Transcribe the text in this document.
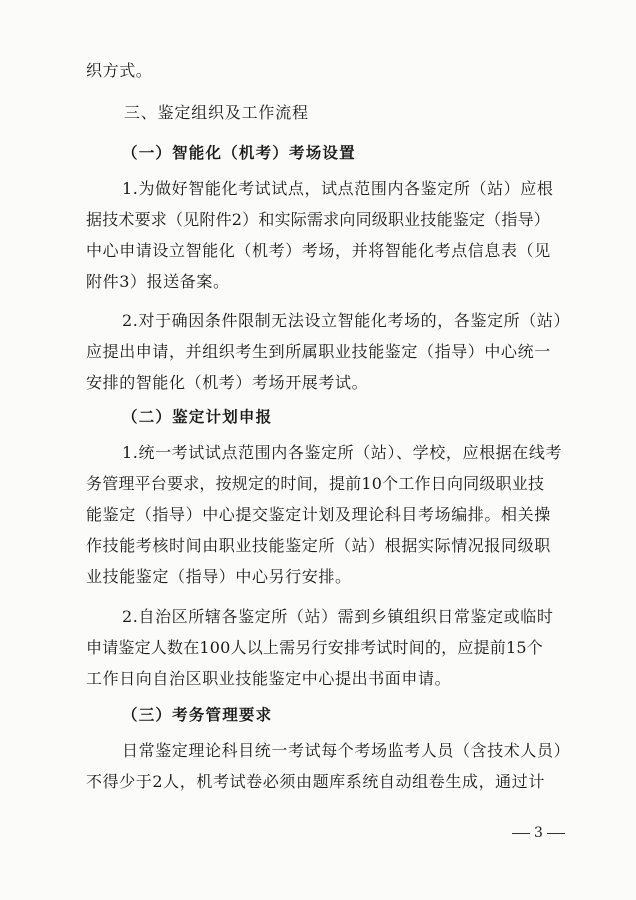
织方式。
三、鉴定组织及工作流程
（一）智能化（机考）考场设置
1.为做好智能化考试试点，试点范围内各鉴定所（站）应根
据技术要求（见附件2）和实际需求向同级职业技能鉴定（指导）
中心申请设立智能化（机考）考场，并将智能化考点信息表（见
附件3）报送备案。
2.对于确因条件限制无法设立智能化考场的，各鉴定所（站）
应提出申请，并组织考生到所属职业技能鉴定（指导）中心统一
安排的智能化（机考）考场开展考试。
（二）鉴定计划申报
1.统一考试试点范围内各鉴定所（站）、学校，应根据在线考
务管理平台要求，按规定的时间，提前10个工作日向同级职业技
能鉴定（指导）中心提交鉴定计划及理论科目考场编排。相关操
作技能考核时间由职业技能鉴定所（站）根据实际情况报同级职
业技能鉴定（指导）中心另行安排。
2.自治区所辖各鉴定所（站）需到乡镇组织日常鉴定或临时
申请鉴定人数在100人以上需另行安排考试时间的，应提前15个
工作日向自治区职业技能鉴定中心提出书面申请。
（三）考务管理要求
日常鉴定理论科目统一考试每个考场监考人员（含技术人员）
不得少于2人，机考试卷必须由题库系统自动组卷生成，通过计
3
